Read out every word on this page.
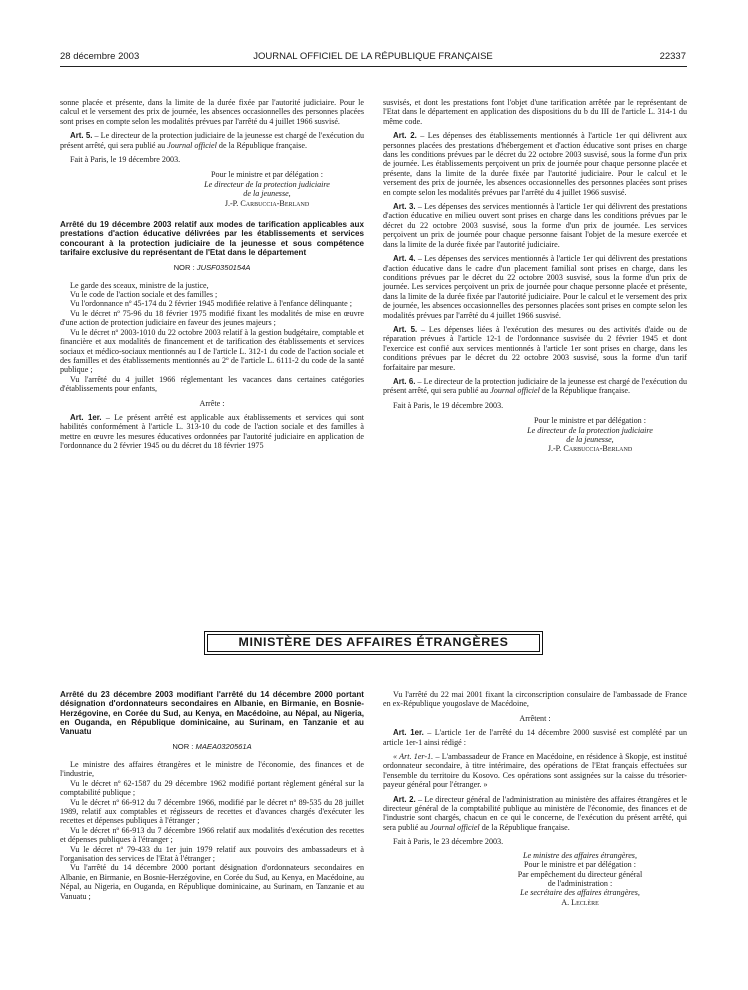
28 décembre 2003	JOURNAL OFFICIEL DE LA RÉPUBLIQUE FRANÇAISE	22337

sonne placée et présente, dans la limite de la durée fixée par l'autorité judiciaire. Pour le calcul et le versement des prix de journée, les absences occasionnelles des personnes placées sont prises en compte selon les modalités prévues par l'arrêté du 4 juillet 1966 susvisé.

Art. 5. – Le directeur de la protection judiciaire de la jeunesse est chargé de l'exécution du présent arrêté, qui sera publié au Journal officiel de la République française.

Fait à Paris, le 19 décembre 2003.

Pour le ministre et par délégation :
Le directeur de la protection judiciaire
de la jeunesse,
J.-P. Carbuccia-Berland
Arrêté du 19 décembre 2003 relatif aux modes de tarification applicables aux prestations d'action éducative délivrées par les établissements et services concourant à la protection judiciaire de la jeunesse et sous compétence tarifaire exclusive du représentant de l'Etat dans le département
NOR : JUSF0350154A

Le garde des sceaux, ministre de la justice,

Vu le code de l'action sociale et des familles ;

Vu l'ordonnance nº 45-174 du 2 février 1945 modifiée relative à l'enfance délinquante ;

Vu le décret nº 75-96 du 18 février 1975 modifié fixant les modalités de mise en œuvre d'une action de protection judiciaire en faveur des jeunes majeurs ;

Vu le décret nº 2003-1010 du 22 octobre 2003 relatif à la gestion budgétaire, comptable et financière et aux modalités de financement et de tarification des établissements et services sociaux et médico-sociaux mentionnés au I de l'article L. 312-1 du code de l'action sociale et des familles et des établissements mentionnés au 2º de l'article L. 6111-2 du code de la santé publique ;

Vu l'arrêté du 4 juillet 1966 réglementant les vacances dans certaines catégories d'établissements pour enfants,

Arrête :

Art. 1er. – Le présent arrêté est applicable aux établissements et services qui sont habilités conformément à l'article L. 313-10 du code de l'action sociale et des familles à mettre en œuvre les mesures éducatives ordonnées par l'autorité judiciaire en application de l'ordonnance du 2 février 1945 ou du décret du 18 février 1975

susvisés, et dont les prestations font l'objet d'une tarification arrêtée par le représentant de l'Etat dans le département en application des dispositions du b du III de l'article L. 314-1 du même code.

Art. 2. – Les dépenses des établissements mentionnés à l'article 1er qui délivrent aux personnes placées des prestations d'hébergement et d'action éducative sont prises en charge dans les conditions prévues par le décret du 22 octobre 2003 susvisé, sous la forme d'un prix de journée. Les établissements perçoivent un prix de journée pour chaque personne placée et présente, dans la limite de la durée fixée par l'autorité judiciaire. Pour le calcul et le versement des prix de journée, les absences occasionnelles des personnes placées sont prises en compte selon les modalités prévues par l'arrêté du 4 juillet 1966 susvisé.

Art. 3. – Les dépenses des services mentionnés à l'article 1er qui délivrent des prestations d'action éducative en milieu ouvert sont prises en charge dans les conditions prévues par le décret du 22 octobre 2003 susvisé, sous la forme d'un prix de journée. Les services perçoivent un prix de journée pour chaque personne faisant l'objet de la mesure exercée et dans la limite de la durée fixée par l'autorité judiciaire.

Art. 4. – Les dépenses des services mentionnés à l'article 1er qui délivrent des prestations d'action éducative dans le cadre d'un placement familial sont prises en charge, dans les conditions prévues par le décret du 22 octobre 2003 susvisé, sous la forme d'un prix de journée. Les services perçoivent un prix de journée pour chaque personne placée et présente, dans la limite de la durée fixée par l'autorité judiciaire. Pour le calcul et le versement des prix de journée, les absences occasionnelles des personnes placées sont prises en compte selon les modalités prévues par l'arrêté du 4 juillet 1966 susvisé.

Art. 5. – Les dépenses liées à l'exécution des mesures ou des activités d'aide ou de réparation prévues à l'article 12-1 de l'ordonnance susvisée du 2 février 1945 et dont l'exercice est confié aux services mentionnés à l'article 1er sont prises en charge, dans les conditions prévues par le décret du 22 octobre 2003 susvisé, sous la forme d'un tarif forfaitaire par mesure.

Art. 6. – Le directeur de la protection judiciaire de la jeunesse est chargé de l'exécution du présent arrêté, qui sera publié au Journal officiel de la République française.

Fait à Paris, le 19 décembre 2003.

Pour le ministre et par délégation :
Le directeur de la protection judiciaire
de la jeunesse,
J.-P. Carbuccia-Berland
MINISTÈRE DES AFFAIRES ÉTRANGÈRES
Arrêté du 23 décembre 2003 modifiant l'arrêté du 14 décembre 2000 portant désignation d'ordonnateurs secondaires en Albanie, en Birmanie, en Bosnie-Herzégovine, en Corée du Sud, au Kenya, en Macédoine, au Népal, au Nigeria, en Ouganda, en République dominicaine, au Surinam, en Tanzanie et au Vanuatu
NOR : MAEA0320561A

Le ministre des affaires étrangères et le ministre de l'économie, des finances et de l'industrie,

Vu le décret nº 62-1587 du 29 décembre 1962 modifié portant règlement général sur la comptabilité publique ;

Vu le décret nº 66-912 du 7 décembre 1966, modifié par le décret nº 89-535 du 28 juillet 1989, relatif aux comptables et régisseurs de recettes et d'avances chargés d'exécuter les recettes et dépenses publiques à l'étranger ;

Vu le décret nº 66-913 du 7 décembre 1966 relatif aux modalités d'exécution des recettes et dépenses publiques à l'étranger ;

Vu le décret nº 79-433 du 1er juin 1979 relatif aux pouvoirs des ambassadeurs et à l'organisation des services de l'Etat à l'étranger ;

Vu l'arrêté du 14 décembre 2000 portant désignation d'ordonnateurs secondaires en Albanie, en Birmanie, en Bosnie-Herzégovine, en Corée du Sud, au Kenya, en Macédoine, au Népal, au Nigeria, en Ouganda, en République dominicaine, au Surinam, en Tanzanie et au Vanuatu ;

Vu l'arrêté du 22 mai 2001 fixant la circonscription consulaire de l'ambassade de France en ex-République yougoslave de Macédoine,

Arrêtent :

Art. 1er. – L'article 1er de l'arrêté du 14 décembre 2000 susvisé est complété par un article 1er-1 ainsi rédigé :

« Art. 1er-1. – L'ambassadeur de France en Macédoine, en résidence à Skopje, est institué ordonnateur secondaire, à titre intérimaire, des opérations de l'Etat français effectuées sur l'ensemble du territoire du Kosovo. Ces opérations sont assignées sur la caisse du trésorier-payeur général pour l'étranger. »

Art. 2. – Le directeur général de l'administration au ministère des affaires étrangères et le directeur général de la comptabilité publique au ministère de l'économie, des finances et de l'industrie sont chargés, chacun en ce qui le concerne, de l'exécution du présent arrêté, qui sera publié au Journal officiel de la République française.

Fait à Paris, le 23 décembre 2003.

Le ministre des affaires étrangères,
Pour le ministre et par délégation :
Par empêchement du directeur général
de l'administration :
Le secrétaire des affaires étrangères,
A. Leclère
